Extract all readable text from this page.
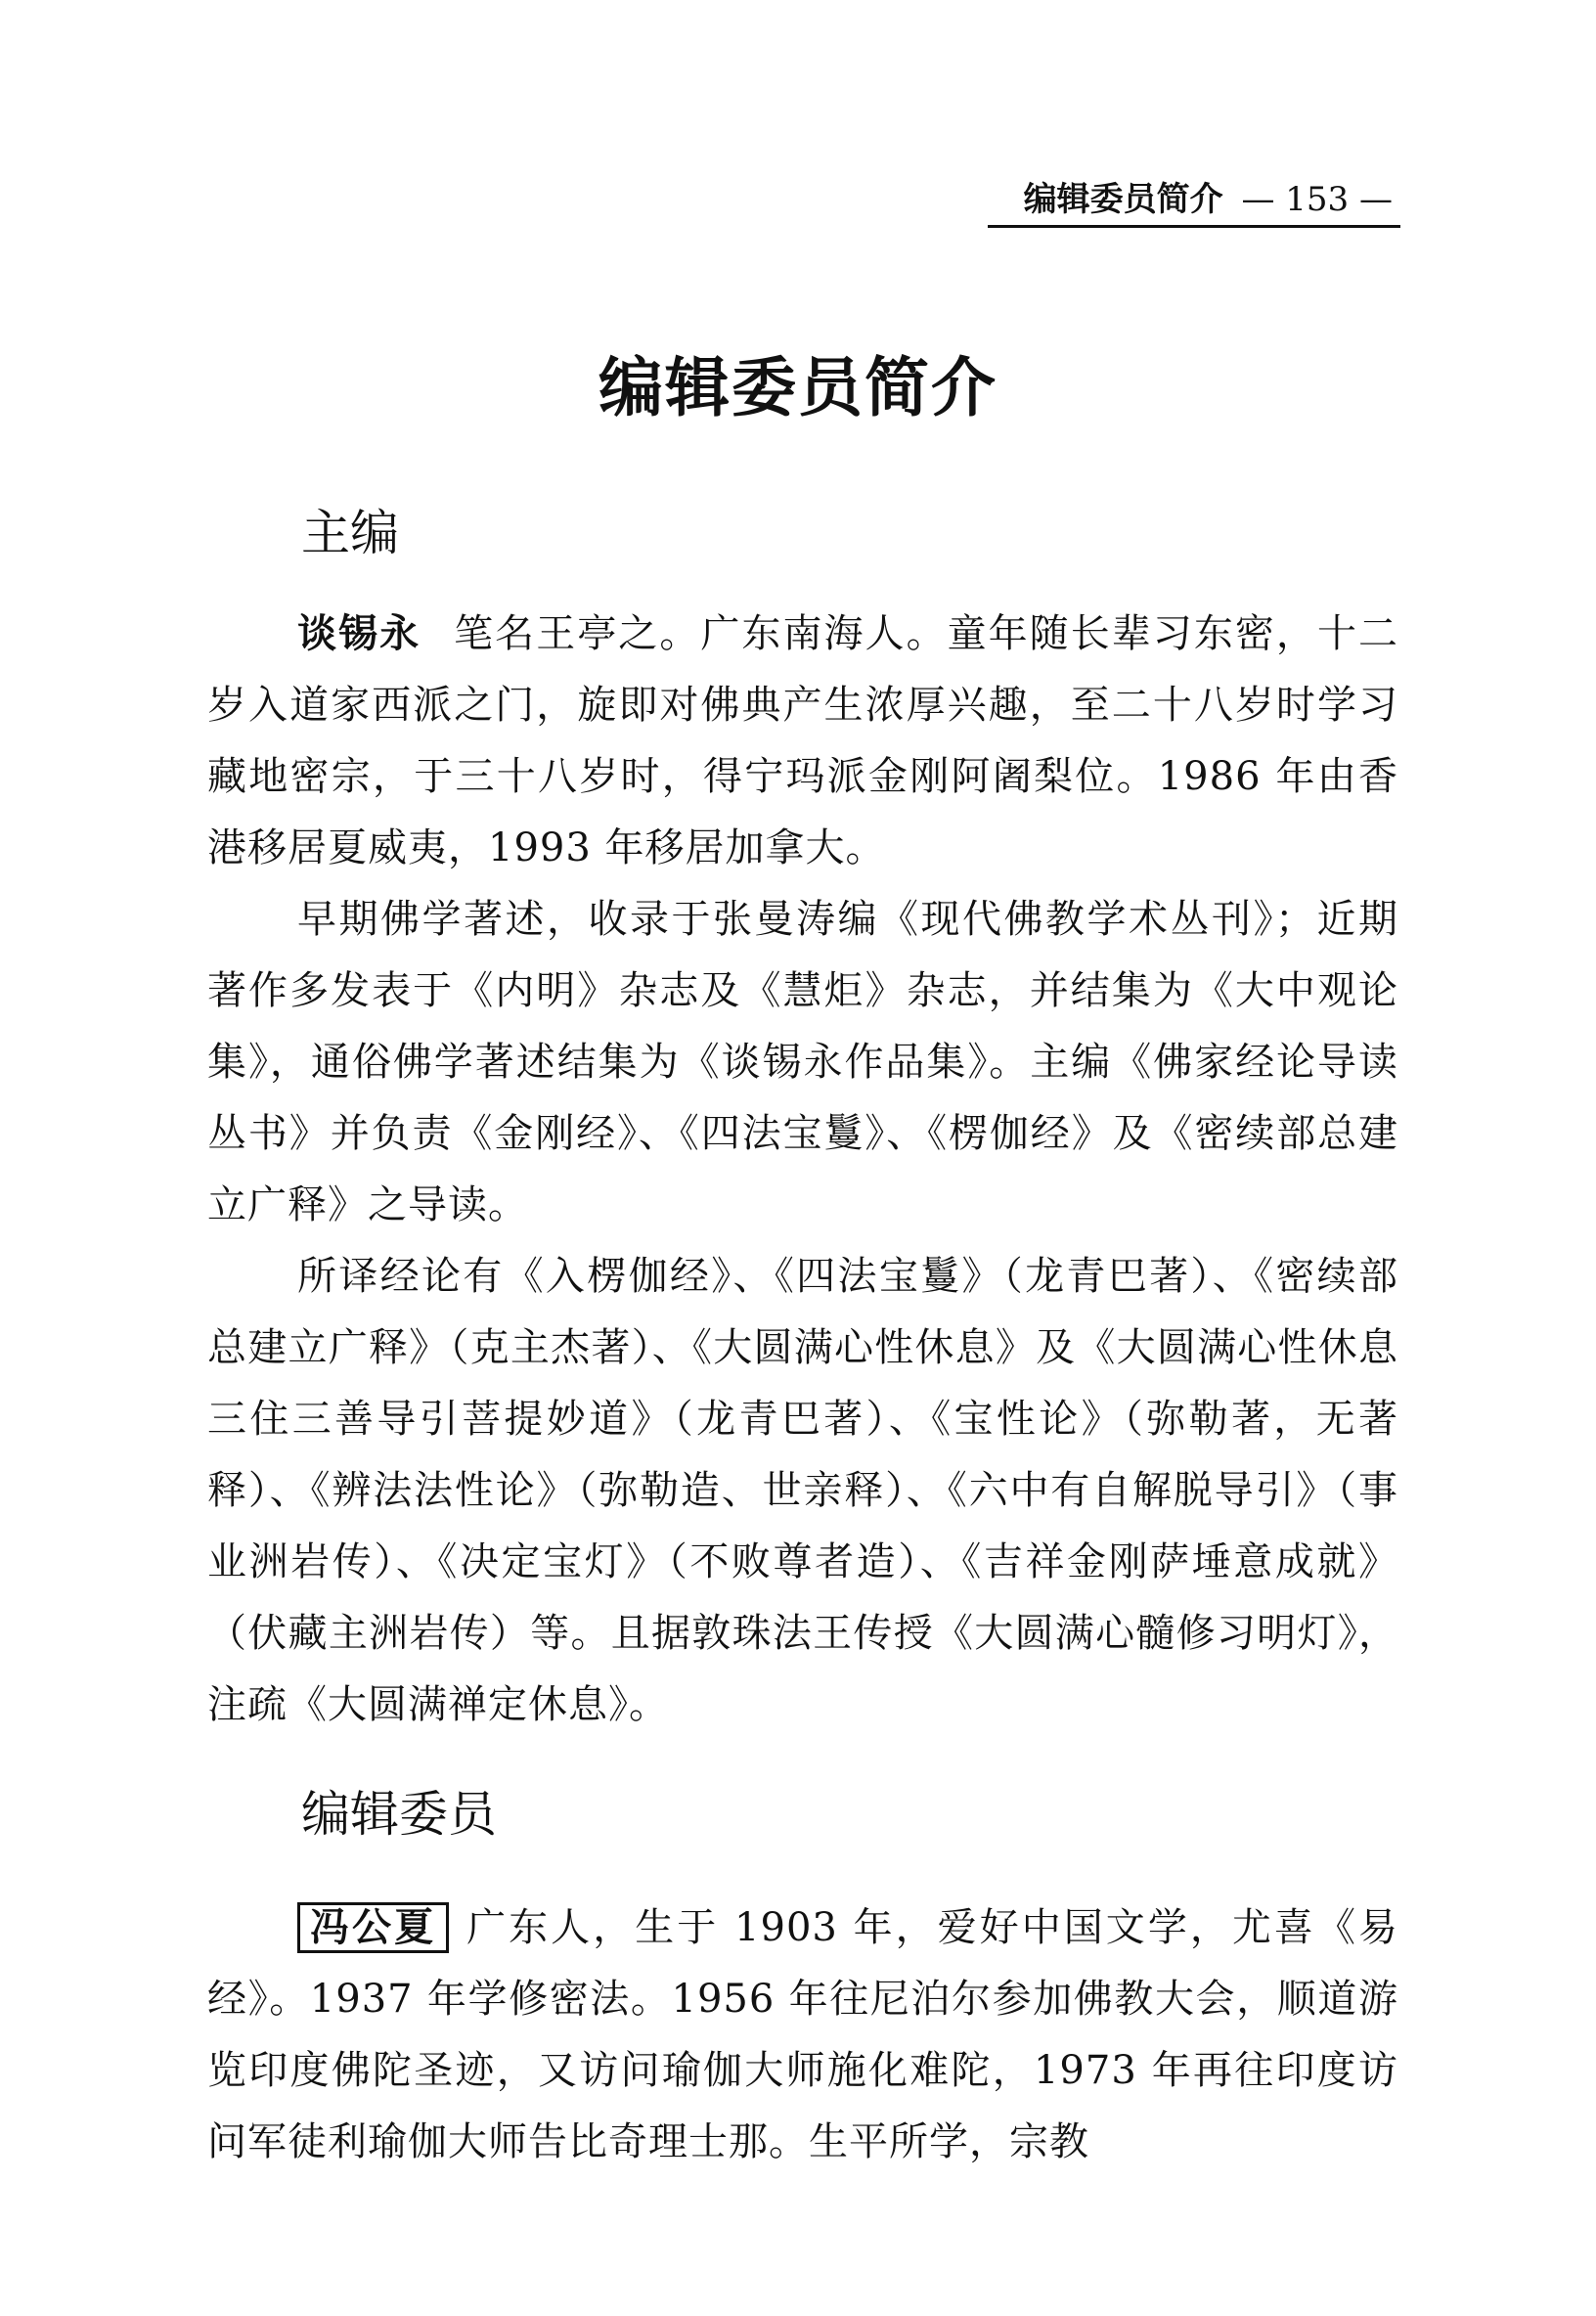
编辑委员简介 — 153 —
编辑委员简介
主编

谈锡永 笔名王亭之。广东南海人。童年随长辈习东密，十二岁入道家西派之门，旋即对佛典产生浓厚兴趣，至二十八岁时学习藏地密宗，于三十八岁时，得宁玛派金刚阿阇梨位。1986 年由香港移居夏威夷，1993 年移居加拿大。

早期佛学著述，收录于张曼涛编《现代佛教学术丛刊》；近期著作多发表于《内明》杂志及《慧炬》杂志，并结集为《大中观论集》，通俗佛学著述结集为《谈锡永作品集》。主编《佛家经论导读丛书》并负责《金刚经》、《四法宝鬘》、《楞伽经》及《密续部总建立广释》之导读。

所译经论有《入楞伽经》、《四法宝鬘》（龙青巴著）、《密续部总建立广释》（克主杰著）、《大圆满心性休息》及《大圆满心性休息三住三善导引菩提妙道》（龙青巴著）、《宝性论》（弥勒著，无著释）、《辨法法性论》（弥勒造、世亲释）、《六中有自解脱导引》（事业洲岩传）、《决定宝灯》（不败尊者造）、《吉祥金刚萨埵意成就》（伏藏主洲岩传）等。且据敦珠法王传授《大圆满心髓修习明灯》，注疏《大圆满禅定休息》。

编辑委员

冯公夏 广东人，生于 1903 年，爱好中国文学，尤喜《易经》。1937 年学修密法。1956 年往尼泊尔参加佛教大会，顺道游览印度佛陀圣迹，又访问瑜伽大师施化难陀，1973 年再往印度访问军徒利瑜伽大师告比奇理士那。生平所学，宗教
